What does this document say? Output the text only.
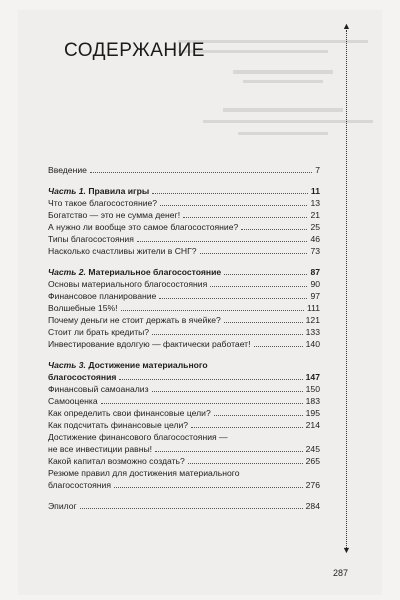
СОДЕРЖАНИЕ
Введение	7
Часть 1. Правила игры	11
Что такое благосостояние?	13
Богатство — это не сумма денег!	21
А нужно ли вообще это самое благосостояние?	25
Типы благосостояния	46
Насколько счастливы жители в СНГ?	73
Часть 2. Материальное благосостояние	87
Основы материального благосостояния	90
Финансовое планирование	97
Волшебные 15%!	111
Почему деньги не стоит держать в ячейке?	121
Стоит ли брать кредиты?	133
Инвестирование вдолгую — фактически работает!	140
Часть 3. Достижение материального
благосостояния	147
Финансовый самоанализ	150
Самооценка	183
Как определить свои финансовые цели?	195
Как подсчитать финансовые цели?	214
Достижение финансового благосостояния —
не все инвестиции равны!	245
Какой капитал возможно создать?	265
Резюме правил для достижения материального
благосостояния	276
Эпилог	284
▲
▼
287
